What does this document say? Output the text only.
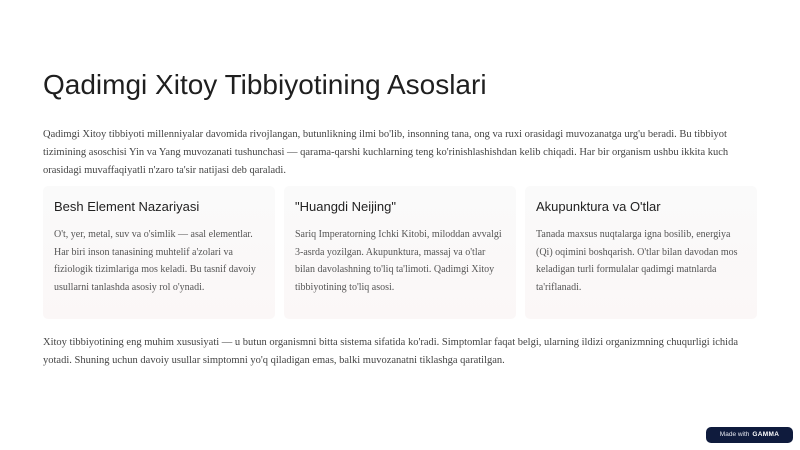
Qadimgi Xitoy Tibbiyotining Asoslari

Qadimgi Xitoy tibbiyoti millenniyalar davomida rivojlangan, butunlikning ilmi bo'lib, insonning tana, ong va ruxi orasidagi muvozanatga urg'u beradi. Bu tibbiyot tizimining asoschisi Yin va Yang muvozanati tushunchasi — qarama-qarshi kuchlarning teng ko'rinishlashishdan kelib chiqadi. Har bir organism ushbu ikkita kuch orasidagi muvaffaqiyatli n'zaro ta'sir natijasi deb qaraladi.

Besh Element Nazariyasi

O't, yer, metal, suv va o'simlik — asal elementlar. Har biri inson tanasining muhtelif a'zolari va fiziologik tizimlariga mos keladi. Bu tasnif davoiy usullarni tanlashda asosiy rol o'ynadi.

"Huangdi Neijing"

Sariq Imperatorning Ichki Kitobi, miloddan avvalgi 3-asrda yozilgan. Akupunktura, massaj va o'tlar bilan davolashning to'liq ta'limoti. Qadimgi Xitoy tibbiyotining to'liq asosi.

Akupunktura va O'tlar

Tanada maxsus nuqtalarga igna bosilib, energiya (Qi) oqimini boshqarish. O'tlar bilan davodan mos keladigan turli formulalar qadimgi matnlarda ta'riflanadi.

Xitoy tibbiyotining eng muhim xususiyati — u butun organismni bitta sistema sifatida ko'radi. Simptomlar faqat belgi, ularning ildizi organizmning chuqurligi ichida yotadi. Shuning uchun davoiy usullar simptomni yo'q qiladigan emas, balki muvozanatni tiklashga qaratilgan.

Made with GAMMA
